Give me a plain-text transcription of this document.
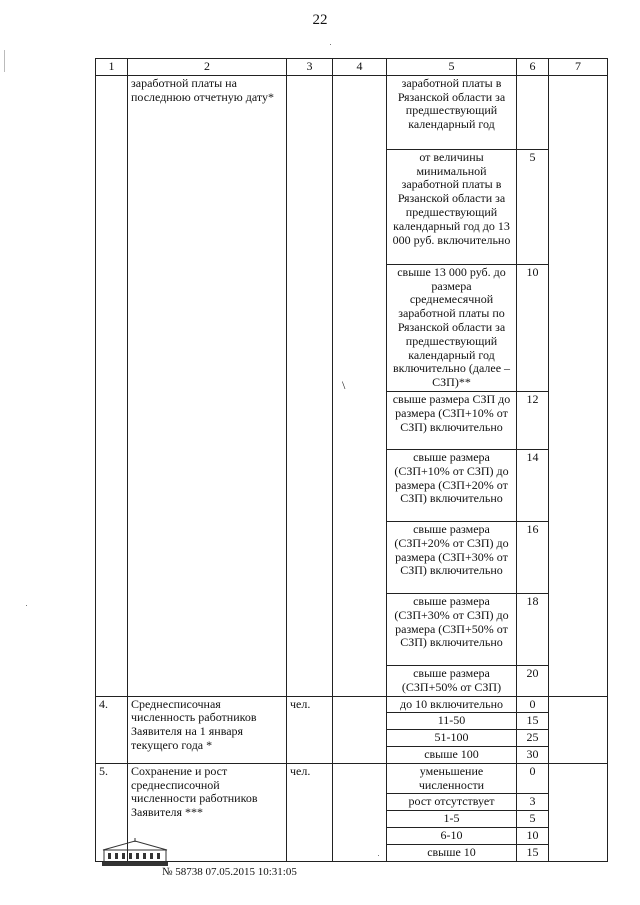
22
1	2	3	4	5	6	7
	заработной платы на последнюю отчетную дату*		\	заработной платы в Рязанской области за предшествующий календарный год		
				от величины минимальной заработной платы в Рязанской области за предшествующий календарный год до 13 000 руб. включительно	5	
				свыше 13 000 руб. до размера среднемесячной заработной платы по Рязанской области за предшествующий календарный год включительно (далее – СЗП)**	10	
				свыше размера СЗП до размера (СЗП+10% от СЗП) включительно	12	
				свыше размера (СЗП+10% от СЗП) до размера (СЗП+20% от СЗП) включительно	14	
				свыше размера (СЗП+20% от СЗП) до размера (СЗП+30% от СЗП) включительно	16	
				свыше размера (СЗП+30% от СЗП) до размера (СЗП+50% от СЗП) включительно	18	
				свыше размера (СЗП+50% от СЗП)	20	
4.	Среднесписочная численность работников Заявителя на 1 января текущего года *	чел.		до 10 включительно	0	
				11-50	15	
				51-100	25	
				свыше 100	30	
5.	Сохранение и рост среднесписочной численности работников Заявителя ***	чел.		уменьшение численности	0	
				рост отсутствует	3	
				1-5	5	
				6-10	10	
				свыше 10	15	
№ 58738 07.05.2015 10:31:05
